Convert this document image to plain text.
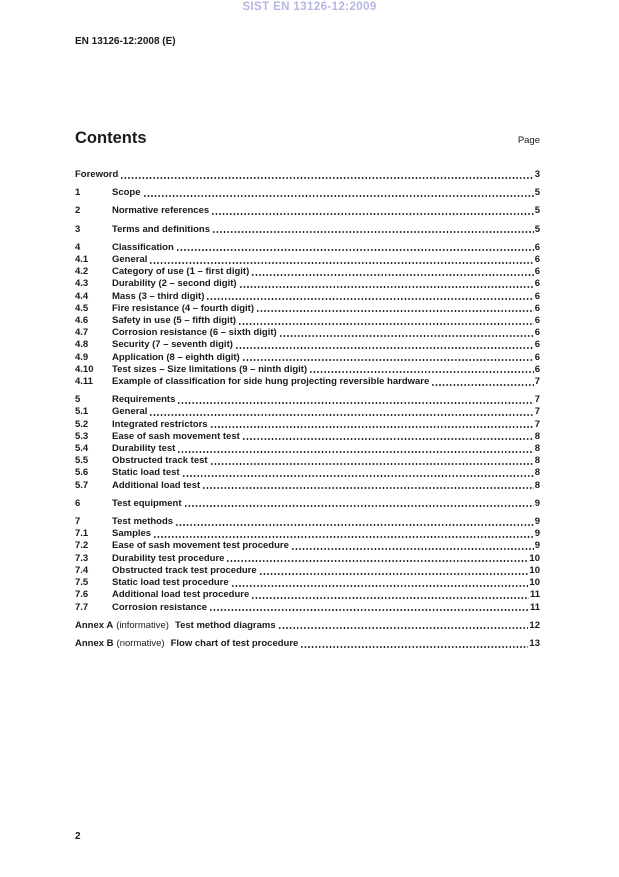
SIST EN 13126-12:2009
EN 13126-12:2008 (E)
Contents	Page
Foreword	3
1	Scope	5
2	Normative references	5
3	Terms and definitions	5
4	Classification	6
4.1	General	6
4.2	Category of use (1 – first digit)	6
4.3	Durability (2 – second digit)	6
4.4	Mass (3 – third digit)	6
4.5	Fire resistance (4 – fourth digit)	6
4.6	Safety in use (5 – fifth digit)	6
4.7	Corrosion resistance (6 – sixth digit)	6
4.8	Security (7 – seventh digit)	6
4.9	Application (8 – eighth digit)	6
4.10	Test sizes – Size limitations (9 – ninth digit)	6
4.11	Example of classification for side hung projecting reversible hardware	7
5	Requirements	7
5.1	General	7
5.2	Integrated restrictors	7
5.3	Ease of sash movement test	8
5.4	Durability test	8
5.5	Obstructed track test	8
5.6	Static load test	8
5.7	Additional load test	8
6	Test equipment	9
7	Test methods	9
7.1	Samples	9
7.2	Ease of sash movement test procedure	9
7.3	Durability test procedure	10
7.4	Obstructed track test procedure	10
7.5	Static load test procedure	10
7.6	Additional load test procedure	11
7.7	Corrosion resistance	11
Annex A (informative) Test method diagrams	12
Annex B (normative) Flow chart of test procedure	13
2
